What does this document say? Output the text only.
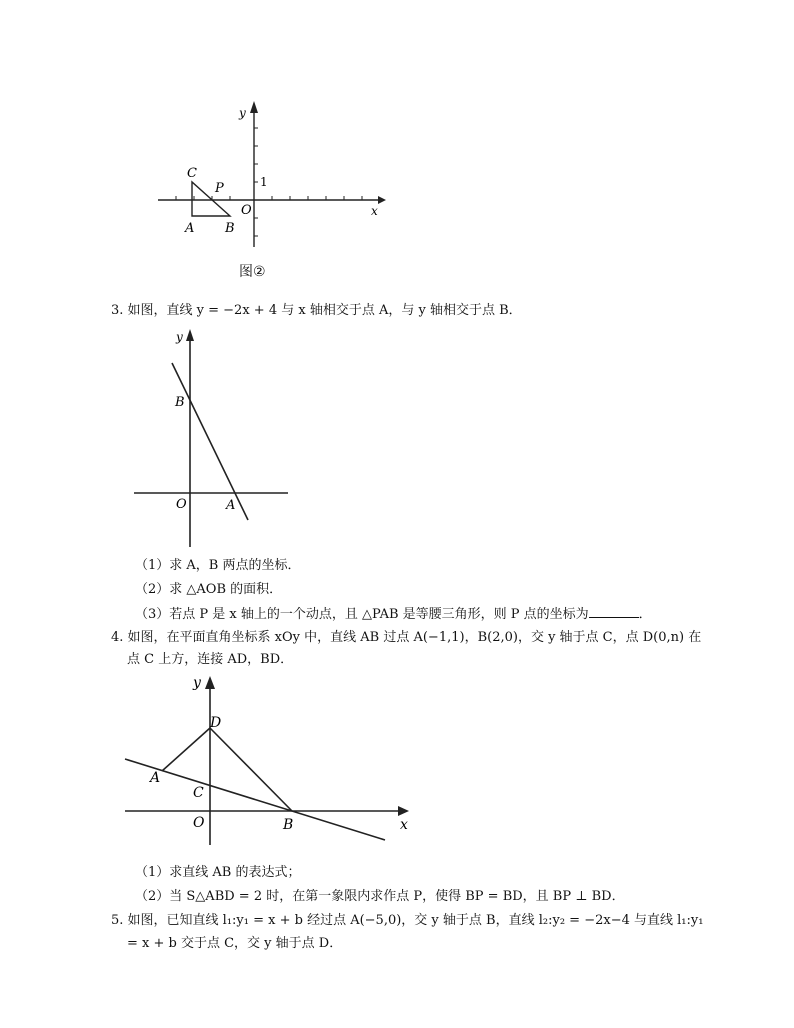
C
P
O
1
A B
x
y
图②
3. 如图，直线 y = −2x + 4 与 x 轴相交于点 A，与 y 轴相交于点 B．
y
B
O	A
（1）求 A，B 两点的坐标．
（2）求 △AOB 的面积．
（3）若点 P 是 x 轴上的一个动点，且 △PAB 是等腰三角形，则 P 点的坐标为	．
4. 如图，在平面直角坐标系 xOy 中，直线 AB 过点 A(−1,1)，B(2,0)，交 y 轴于点 C，点 D(0,n) 在
点 C 上方，连接 AD，BD．
y
D
A
C
O	B	x
（1）求直线 AB 的表达式；
（2）当 S△ABD = 2 时，在第一象限内求作点 P，使得 BP = BD，且 BP ⊥ BD．
5. 如图，已知直线 l₁:y₁ = x + b 经过点 A(−5,0)，交 y 轴于点 B，直线 l₂:y₂ = −2x−4 与直线 l₁:y₁
= x + b 交于点 C，交 y 轴于点 D．
